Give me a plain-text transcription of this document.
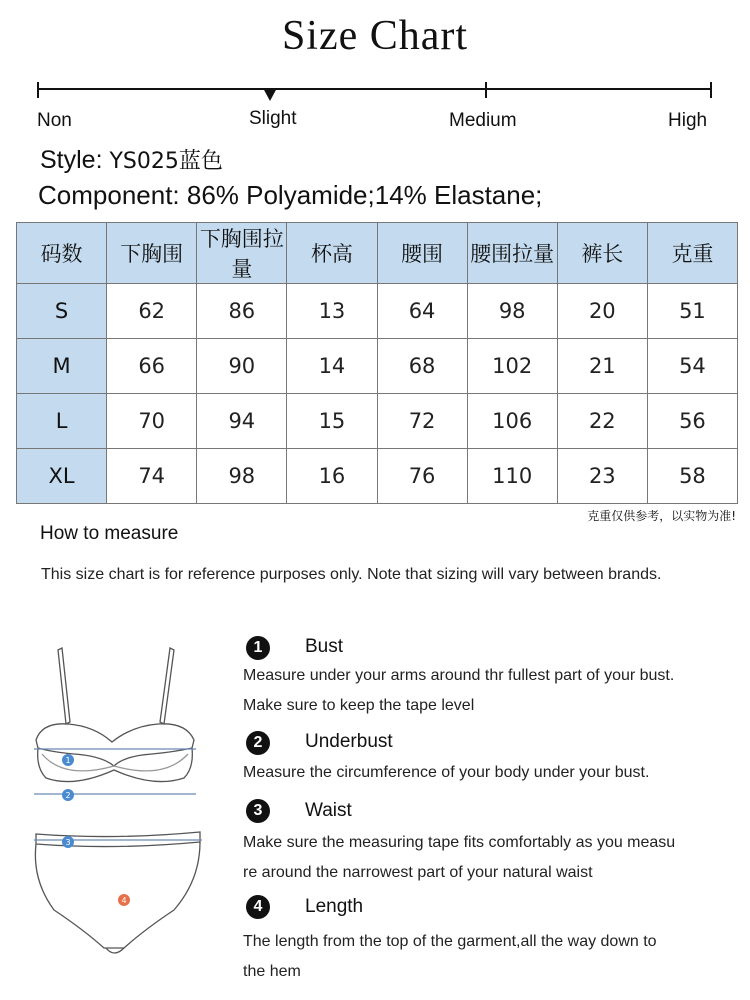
Size Chart
Non	Slight	Medium	High
Style: YS025蓝色
Component: 86% Polyamide;14% Elastane;
码数	下胸围	下胸围拉量	杯高	腰围	腰围拉量	裤长	克重
S	62	86	13	64	98	20	51
M	66	90	14	68	102	21	54
L	70	94	15	72	106	22	56
XL	74	98	16	76	110	23	58
克重仅供参考，以实物为准!
How to measure
This size chart is for reference purposes only. Note that sizing will vary between brands.
1
2
3
4
1	Bust
Measure under your arms around thr fullest part of your bust.
Make sure to keep the tape level
2	Underbust
Measure the circumference of your body under your bust.
3	Waist
Make sure the measuring tape fits comfortably as you measu
re around the narrowest part of your natural waist
4	Length
The length from the top of the garment,all the way down to
the hem
